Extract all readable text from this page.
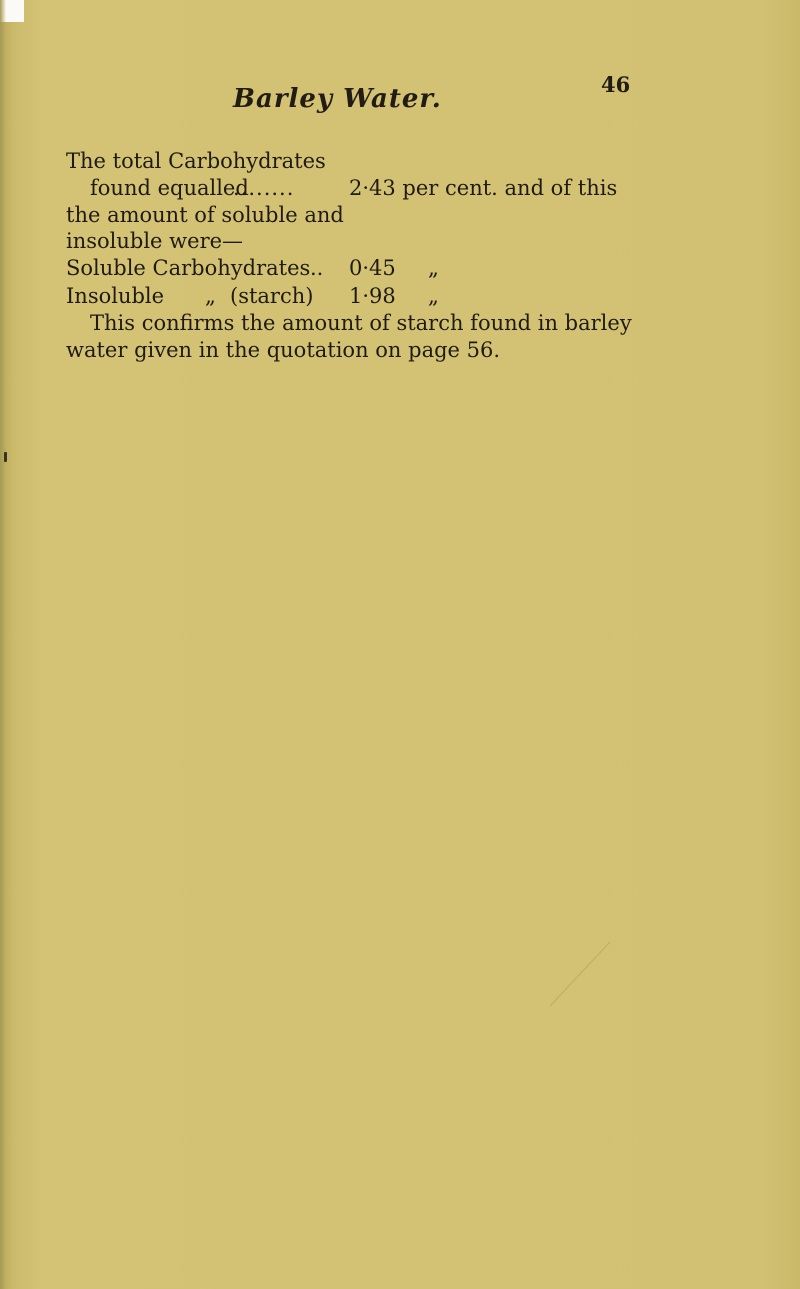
Barley Water.	46
The total Carbohydrates
found equalled
........	2·43 per cent. and of this
the amount of soluble and
insoluble were—
Soluble Carbohydrates .. 0·45 „
Insoluble „ (starch) 1·98 „
This confirms the amount of starch found in barley
water given in the quotation on page 56.
